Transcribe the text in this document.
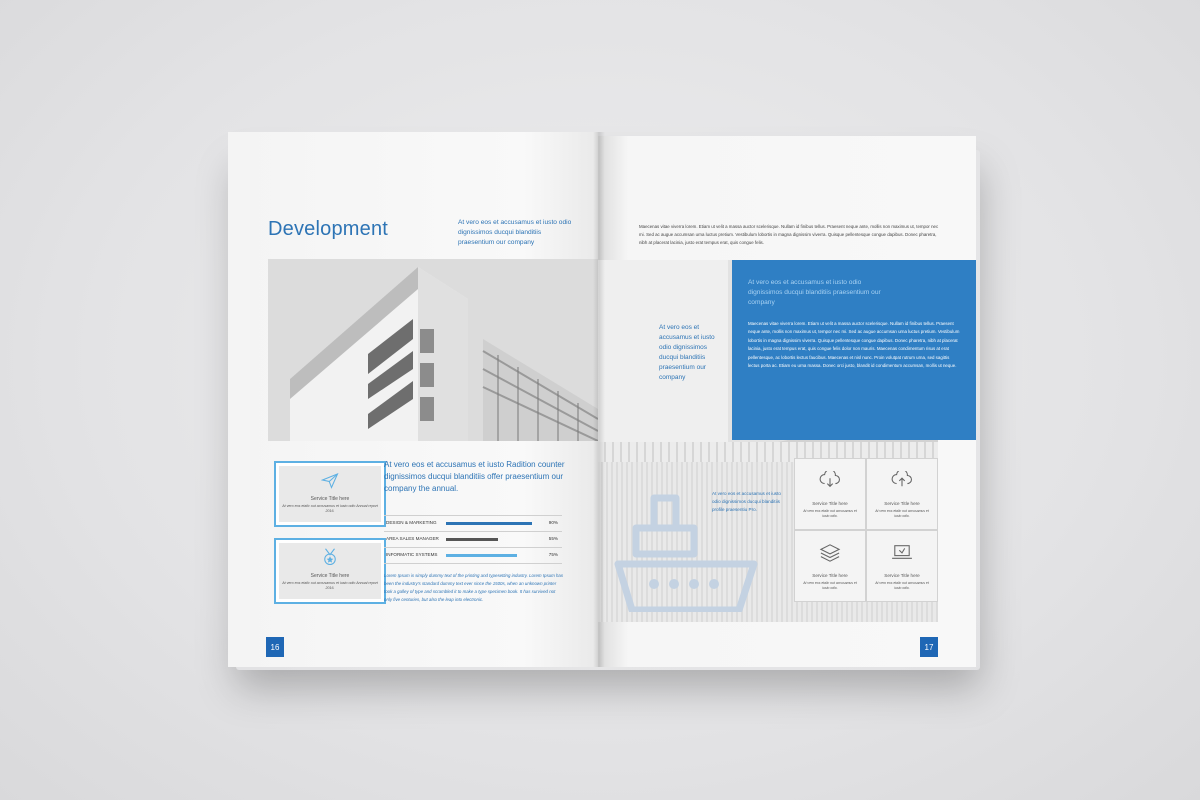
Development	At vero eos et accusamus et iusto odio dignissimos ducqui blanditiis praesentium our company
Service Title here
At vero eos etalic out accusamus et iusto odio Annual report 2016.
Service Title here
At vero eos etalic out accusamus et iusto odio Annual report 2016.
At vero eos et accusamus et iusto Radition counter dignissimos ducqui blanditiis offer praesentium our company the annual.
DESIGN & MARKETING	90%
AREA SALES MANAGER	55%
INFORMATIC SYSTEMS	75%
Lorem Ipsum is simply dummy text of the printing and typesetting industry. Lorem Ipsum has been the industry's standard dummy text ever since the 1500s, when an unknown printer took a galley of type and scrambled it to make a type specimen book. It has survived not only five centuries, but also the leap into electronic.
16
Maecenas vitae viverra lorem. Etiam ut velit a massa auctor scelerisque. Nullam id finibus tellus. Praesent neque ante, mollis non maximus ut, tempor nec mi. Sed ac augue accumsan urna luctus pretium. Vestibulum lobortis in magna dignissim viverra. Quisque pellentesque congue dapibus. Donec pharetra, nibh at placerat lacinia, justo erat tempus erat, quis congue felis.
At vero eos et accusamus et iusto odio dignissimos ducqui blanditiis praesentium our company
At vero eos et accusamus et iusto odio dignissimos ducqui blanditiis praesentium our company
Maecenas vitae viverra lorem. Etiam ut velit a massa auctor scelerisque. Nullam id finibus tellus. Praesent neque ante, mollis non maximus ut, tempor nec mi. Sed ac augue accumsan urna luctus pretium. Vestibulum lobortis in magna dignissim viverra. Quisque pellentesque congue dapibus. Donec pharetra, nibh at placerat lacinia, justo erat tempus erat, quis congue felis dolor non mauris. Maecenas condimentum risus at erat pellentesque, ac lobortis lectus faucibus. Maecenas et nisl nunc. Proin volutpat rutrum urna, sed sagittis lectus porta ac. Etiam eu urna massa. Donec orci justo, blandit id condimentum accumsan, mollis ut neque.
At vero eos et accusamus et iusto odio dignissimos ducqui blanditiis profile praesentiu Pro.
Service Title here
At vero eos etalic out accusamus et iusto odio.
Service Title here
At vero eos etalic out accusamus et iusto odio.
Service Title here
At vero eos etalic out accusamus et iusto odio.
Service Title here
At vero eos etalic out accusamus et iusto odio.
17
